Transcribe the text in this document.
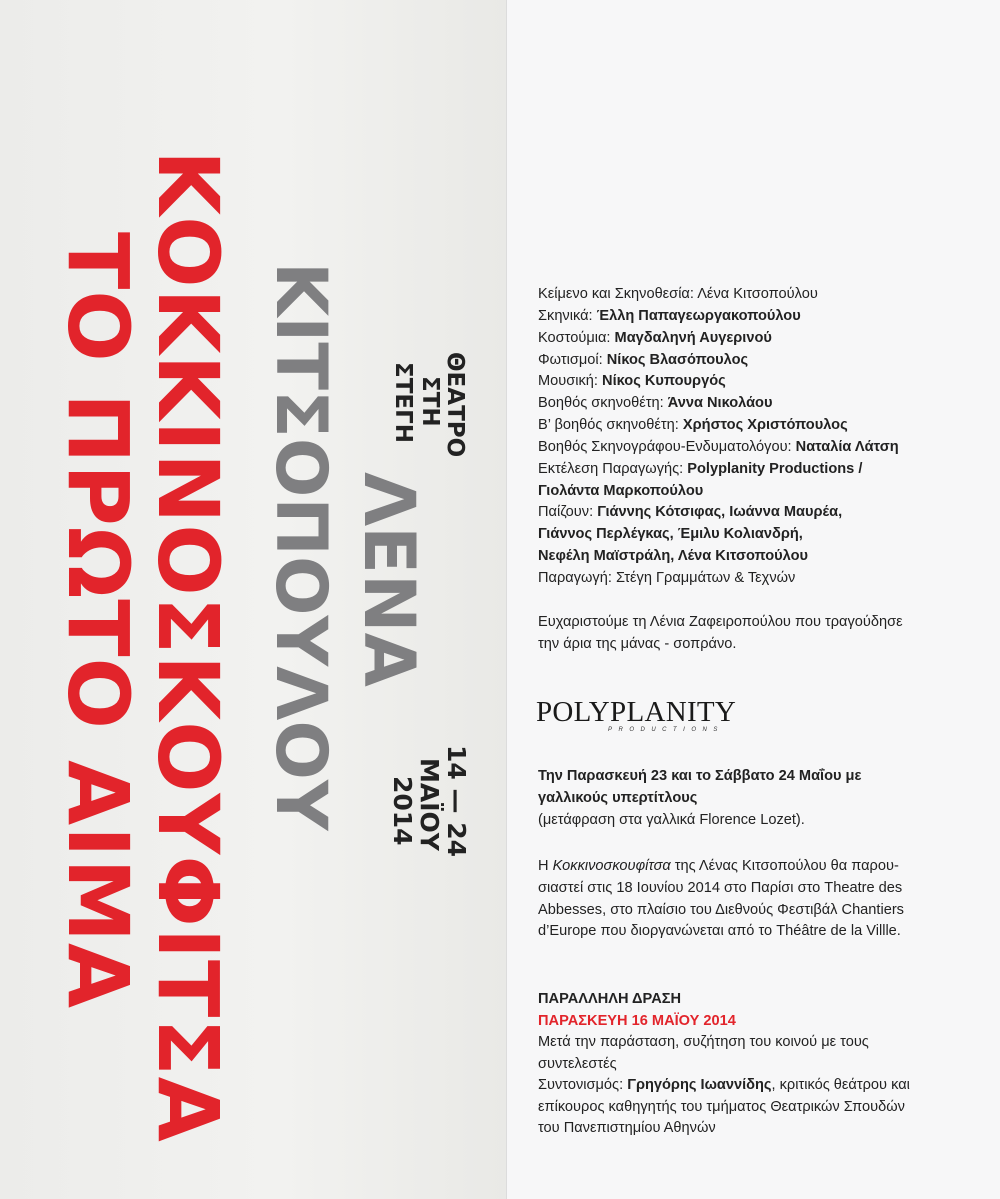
ΚΟΚΚΙΝΟΣΚΟΥΦΙΤΣΑ
ΤΟ ΠΡΩΤΟ ΑΙΜΑ	ΛΕΝΑ
ΚΙΤΣΟΠΟΥΛΟΥ	ΘΕΑΤΡΟ
ΣΤΗ
ΣΤΕΓΗ
14 — 24
ΜΑΪΟΥ
2014
Κείμενο και Σκηνοθεσία: Λένα Κιτσοπούλου
Σκηνικά: Έλλη Παπαγεωργακοπούλου
Κοστούμια: Μαγδαληνή Αυγερινού
Φωτισμοί: Νίκος Βλασόπουλος
Μουσική: Νίκος Κυπουργός
Βοηθός σκηνοθέτη: Άννα Νικολάου
Β’ βοηθός σκηνοθέτη: Χρήστος Χριστόπουλος
Βοηθός Σκηνογράφου-Ενδυματολόγου: Ναταλία Λάτση
Εκτέλεση Παραγωγής: Polyplanity Productions /
Γιολάντα Μαρκοπούλου
Παίζουν: Γιάννης Κότσιφας, Ιωάννα Μαυρέα,
Γιάννος Περλέγκας, Έμιλυ Κολιανδρή,
Νεφέλη Μαϊστράλη, Λένα Κιτσοπούλου
Παραγωγή: Στέγη Γραμμάτων & Τεχνών
Ευχαριστούμε τη Λένια Ζαφειροπούλου που τραγούδησε
την άρια της μάνας - σοπράνο.
POLYPLANITY
PRODUCTIONS
Την Παρασκευή 23 και το Σάββατο 24 Μαΐου με
γαλλικούς υπερτίτλους
(μετάφραση στα γαλλικά Florence Lozet).
Η Κοκκινοσκουφίτσα της Λένας Κιτσοπούλου θα παρου-
σιαστεί στις 18 Ιουνίου 2014 στο Παρίσι στο Theatre des
Abbesses, στο πλαίσιο του Διεθνούς Φεστιβάλ Chantiers
d’Europe που διοργανώνεται από το Théâtre de la Villle.
ΠΑΡΑΛΛΗΛΗ ΔΡΑΣΗ
ΠΑΡΑΣΚΕΥΗ 16 ΜΑΪΟΥ 2014
Μετά την παράσταση, συζήτηση του κοινού με τους
συντελεστές
Συντονισμός: Γρηγόρης Ιωαννίδης, κριτικός θεάτρου και
επίκουρος καθηγητής του τμήματος Θεατρικών Σπουδών
του Πανεπιστημίου Αθηνών
